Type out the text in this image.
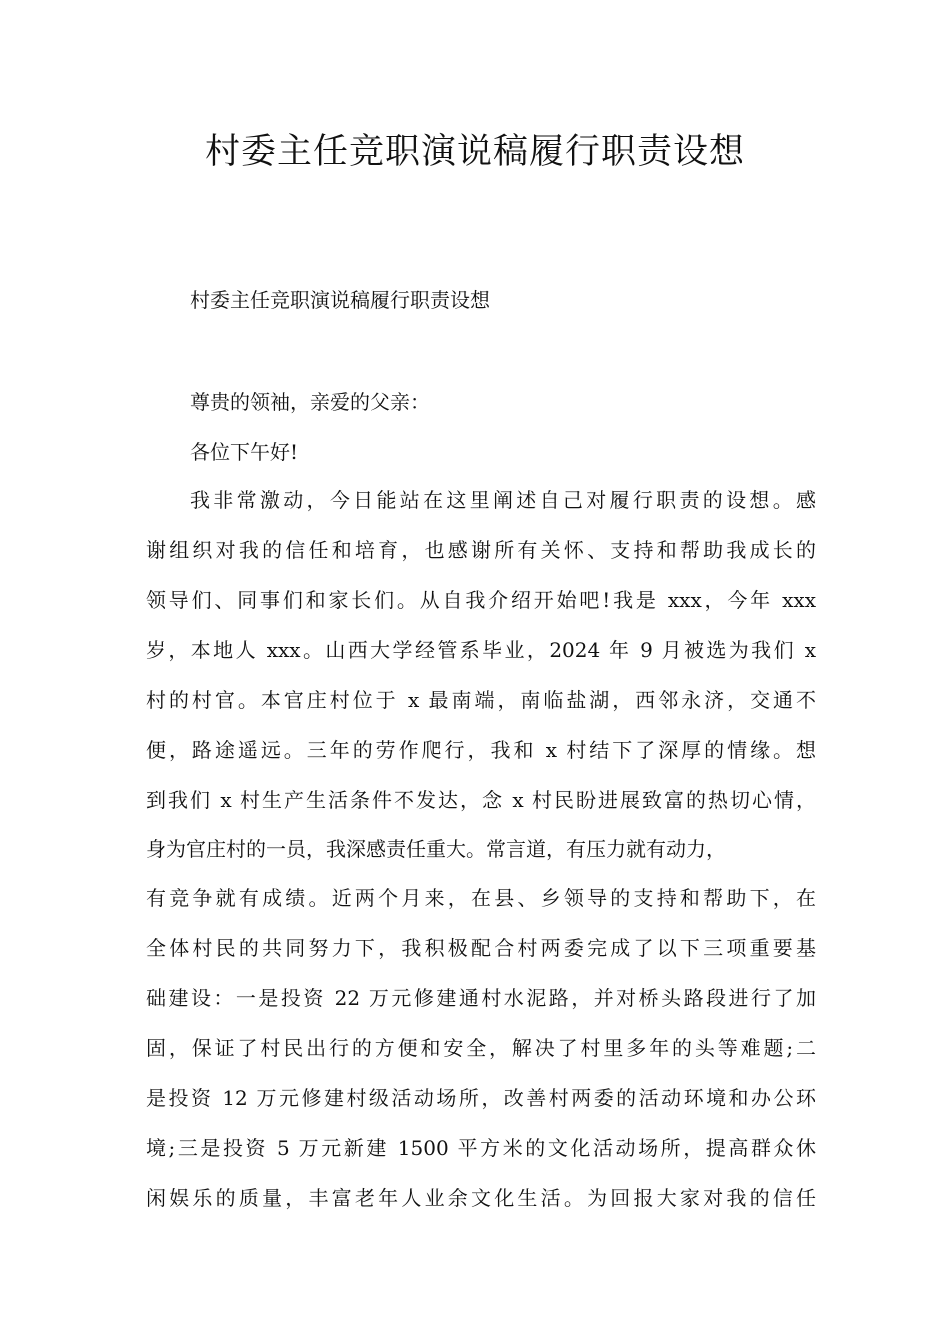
村委主任竞职演说稿履行职责设想

村委主任竞职演说稿履行职责设想

尊贵的领袖，亲爱的父亲：

各位下午好!

我非常激动，今日能站在这里阐述自己对履行职责的设想。感

谢组织对我的信任和培育，也感谢所有关怀、支持和帮助我成长的

领导们、同事们和家长们。从自我介绍开始吧!我是 xxx，今年 xxx

岁，本地人 xxx。山西大学经管系毕业，2024 年 9 月被选为我们 x

村的村官。本官庄村位于 x 最南端，南临盐湖，西邻永济，交通不

便，路途遥远。三年的劳作爬行，我和 x 村结下了深厚的情缘。想

到我们 x 村生产生活条件不发达，念 x 村民盼进展致富的热切心情，

身为官庄村的一员，我深感责任重大。常言道，有压力就有动力，

有竞争就有成绩。近两个月来，在县、乡领导的支持和帮助下，在

全体村民的共同努力下，我积极配合村两委完成了以下三项重要基

础建设：一是投资 22 万元修建通村水泥路，并对桥头路段进行了加

固，保证了村民出行的方便和安全，解决了村里多年的头等难题;二

是投资 12 万元修建村级活动场所，改善村两委的活动环境和办公环

境;三是投资 5 万元新建 1500 平方米的文化活动场所，提高群众休

闲娱乐的质量，丰富老年人业余文化生活。为回报大家对我的信任
